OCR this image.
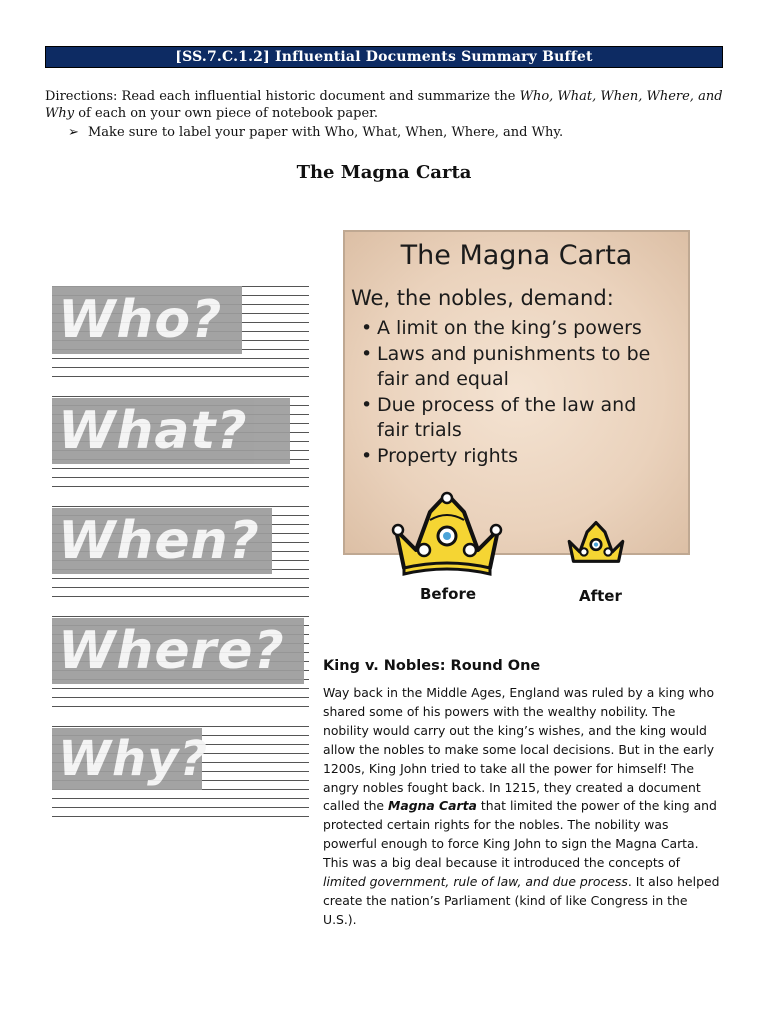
[SS.7.C.1.2] Influential Documents Summary Buffet
Directions: Read each influential historic document and summarize the Who, What, When, Where, and Why of each on your own piece of notebook paper.
➢ Make sure to label your paper with Who, What, When, Where, and Why.
The Magna Carta
Who?
What?
When?
Where?
Why?
The Magna Carta
We, the nobles, demand:
• A limit on the king’s powers
• Laws and punishments to be fair and equal
• Due process of the law and fair trials
• Property rights
Before	After
King v. Nobles: Round One

Way back in the Middle Ages, England was ruled by a king who shared some of his powers with the wealthy nobility. The nobility would carry out the king’s wishes, and the king would allow the nobles to make some local decisions. But in the early 1200s, King John tried to take all the power for himself! The angry nobles fought back. In 1215, they created a document called the Magna Carta that limited the power of the king and protected certain rights for the nobles. The nobility was powerful enough to force King John to sign the Magna Carta. This was a big deal because it introduced the concepts of limited government, rule of law, and due process. It also helped create the nation’s Parliament (kind of like Congress in the U.S.).
